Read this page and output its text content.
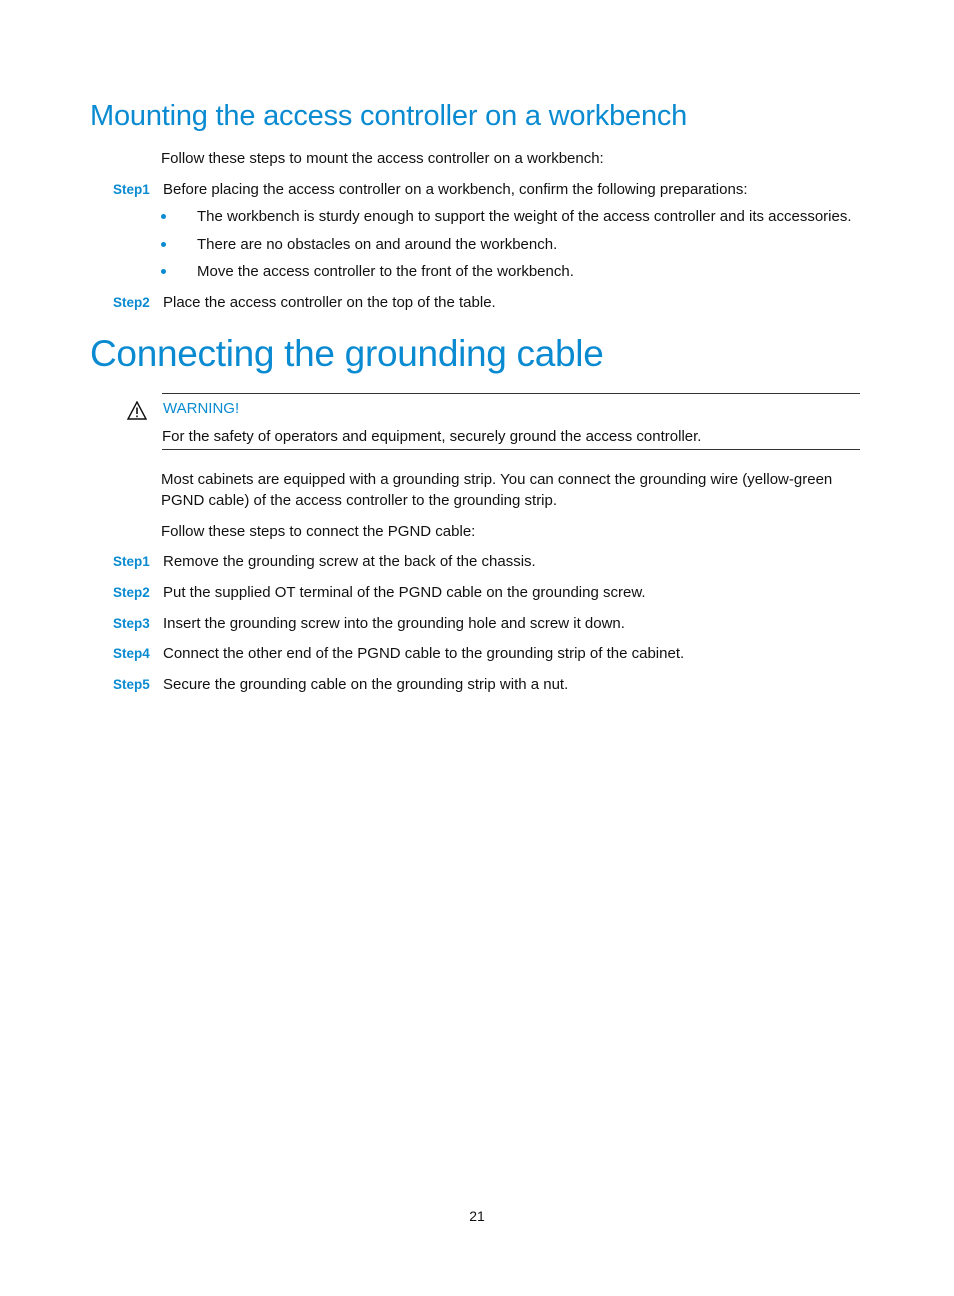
Mounting the access controller on a workbench

Follow these steps to mount the access controller on a workbench:

Step1 Before placing the access controller on a workbench, confirm the following preparations:
The workbench is sturdy enough to support the weight of the access controller and its accessories.
There are no obstacles on and around the workbench.
Move the access controller to the front of the workbench.
Step2 Place the access controller on the top of the table.
Connecting the grounding cable
WARNING!
For the safety of operators and equipment, securely ground the access controller.

Most cabinets are equipped with a grounding strip. You can connect the grounding wire (yellow-green

PGND cable) of the access controller to the grounding strip.

Follow these steps to connect the PGND cable:

Step1 Remove the grounding screw at the back of the chassis.
Step2 Put the supplied OT terminal of the PGND cable on the grounding screw.
Step3 Insert the grounding screw into the grounding hole and screw it down.
Step4 Connect the other end of the PGND cable to the grounding strip of the cabinet.
Step5 Secure the grounding cable on the grounding strip with a nut.
21
